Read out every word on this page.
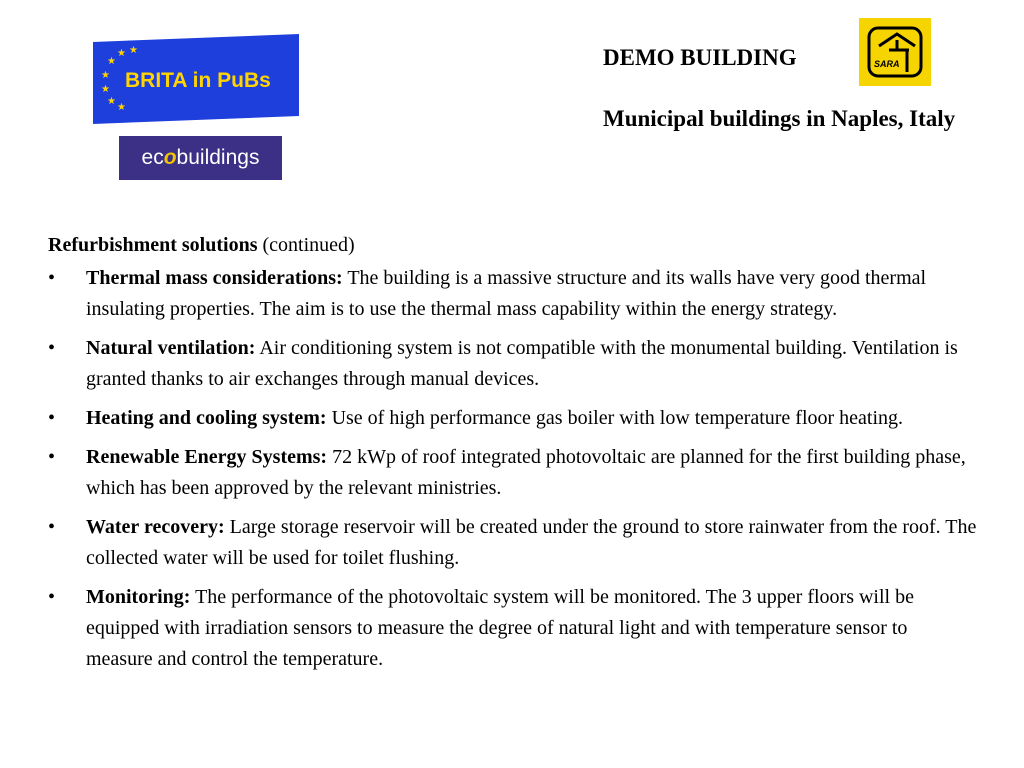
★
★ ★
★
★
★
★
BRITA in PuBs
ec o buildings
SARA
DEMO BUILDING
Municipal buildings in Naples, Italy
Refurbishment solutions (continued)
• Thermal mass considerations: The building is a massive structure and its walls have very good thermal insulating properties. The aim is to use the thermal mass capability within the energy strategy.
• Natural ventilation: Air conditioning system is not compatible with the monumental building. Ventilation is granted thanks to air exchanges through manual devices.
• Heating and cooling system: Use of high performance gas boiler with low temperature floor heating.
• Renewable Energy Systems: 72 kWp of roof integrated photovoltaic are planned for the first building phase, which has been approved by the relevant ministries.
• Water recovery: Large storage reservoir will be created under the ground to store rainwater from the roof. The collected water will be used for toilet flushing.
• Monitoring: The performance of the photovoltaic system will be monitored. The 3 upper floors will be equipped with irradiation sensors to measure the degree of natural light and with temperature sensor to measure and control the temperature.
